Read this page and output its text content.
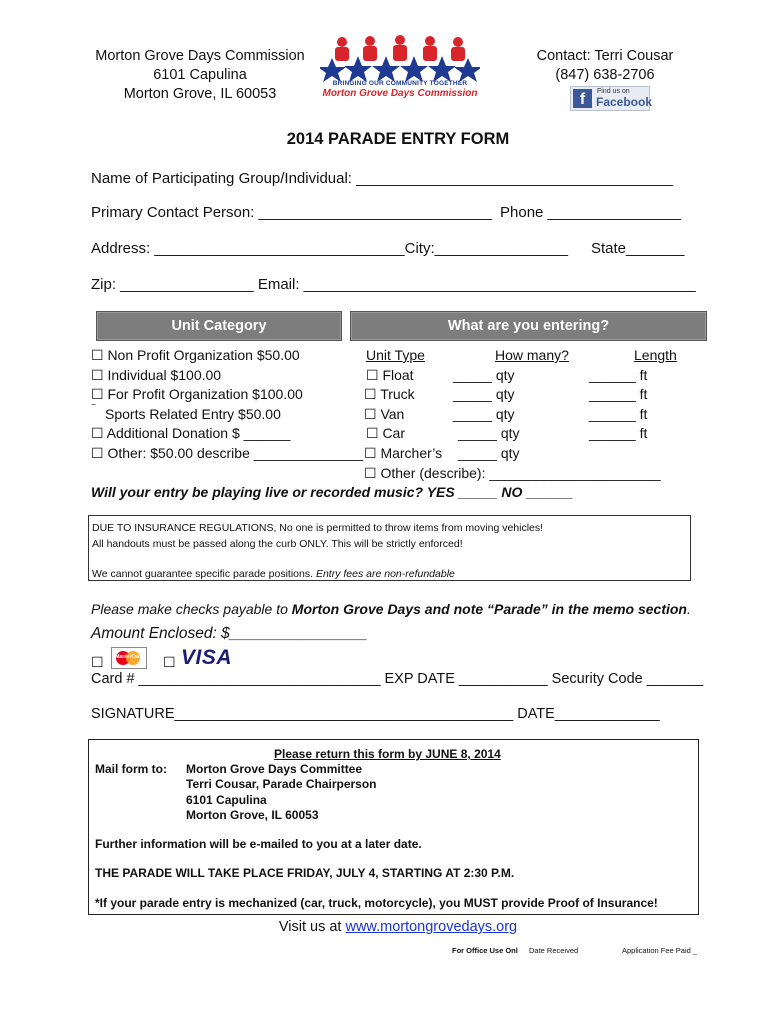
Morton Grove Days Commission
6101 Capulina
Morton Grove, IL 60053
BRINGING OUR COMMUNITY TOGETHER
Morton Grove Days Commission
Contact: Terri Cousar
(847) 638-2706
f	Find us on
Facebook
2014 PARADE ENTRY FORM
Name of Participating Group/Individual: ______________________________________
Primary Contact Person: ____________________________ Phone ________________
Address: ______________________________City:________________ State_______
Zip: ________________ Email: _______________________________________________
Unit Category	What are you entering?
☐ Non Profit Organization $50.00
☐ Individual $100.00
☐ For Profit Organization $100.00
‾ Sports Related Entry $50.00
☐ Additional Donation $ ______
☐ Other: $50.00 describe ______________
Unit Type	How many?	Length
☐ Float	_____ qty	______ ft
☐ Truck	_____ qty	______ ft
☐ Van	_____ qty	______ ft
☐ Car	_____ qty	______ ft
☐ Marcher’s _____ qty
☐ Other (describe): ______________________
Will your entry be playing live or recorded music? YES _____ NO ______
DUE TO INSURANCE REGULATIONS, No one is permitted to throw items from moving vehicles!
All handouts must be passed along the curb ONLY. This will be strictly enforced!
We cannot guarantee specific parade positions. Entry fees are non-refundable
Please make checks payable to Morton Grove Days and note “Parade” in the memo section.
Amount Enclosed: $________________
☐	MasterCard ☐ VISA
Card # ______________________________ EXP DATE ___________ Security Code _______
SIGNATURE__________________________________________ DATE_____________
Please return this form by JUNE 8, 2014
Mail form to: Morton Grove Days Committee
Terri Cousar, Parade Chairperson
6101 Capulina
Morton Grove, IL 60053
Further information will be e-mailed to you at a later date.
THE PARADE WILL TAKE PLACE FRIDAY, JULY 4, STARTING AT 2:30 P.M.
*If your parade entry is mechanized (car, truck, motorcycle), you MUST provide Proof of Insurance!
Visit us at www.mortongrovedays.org
For Office Use Onl Date Received	Application Fee Paid _
